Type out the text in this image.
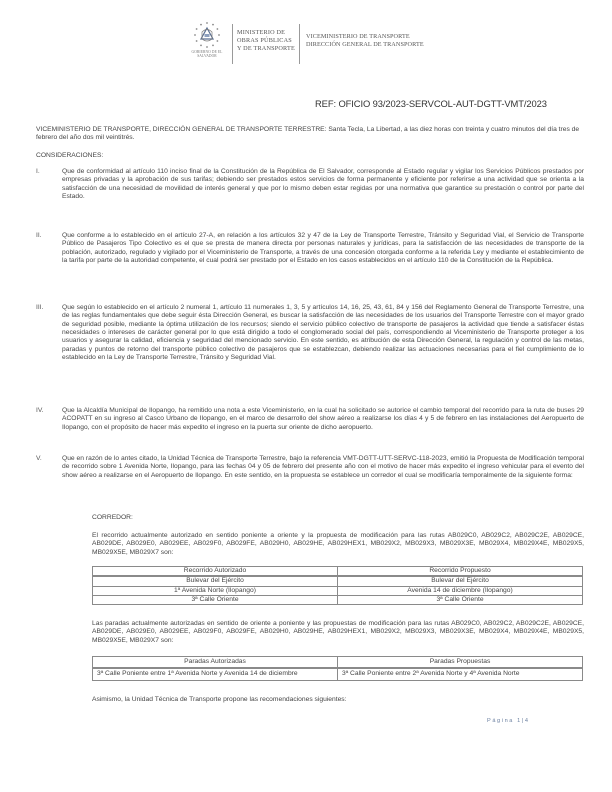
GOBIERNO DE EL SALVADOR
MINISTERIO DE
OBRAS PÚBLICAS
Y DE TRANSPORTE
VICEMINISTERIO DE TRANSPORTE
DIRECCIÓN GENERAL DE TRANSPORTE
REF: OFICIO 93/2023-SERVCOL-AUT-DGTT-VMT/2023
VICEMINISTERIO DE TRANSPORTE, DIRECCIÓN GENERAL DE TRANSPORTE TERRESTRE: Santa Tecla, La Libertad, a las diez horas con treinta y cuatro minutos del día tres de febrero del año dos mil veintitrés.
CONSIDERACIONES:
I.	Que de conformidad al artículo 110 inciso final de la Constitución de la República de El Salvador, corresponde al Estado regular y vigilar los Servicios Públicos prestados por empresas privadas y la aprobación de sus tarifas; debiendo ser prestados estos servicios de forma permanente y eficiente por referirse a una actividad que se orienta a la satisfacción de una necesidad de movilidad de interés general y que por lo mismo deben estar regidas por una normativa que garantice su prestación o control por parte del Estado.
II.	Que conforme a lo establecido en el artículo 27-A, en relación a los artículos 32 y 47 de la Ley de Transporte Terrestre, Tránsito y Seguridad Vial, el Servicio de Transporte Público de Pasajeros Tipo Colectivo es el que se presta de manera directa por personas naturales y jurídicas, para la satisfacción de las necesidades de transporte de la población, autorizado, regulado y vigilado por el Viceministerio de Transporte, a través de una concesión otorgada conforme a la referida Ley y mediante el establecimiento de la tarifa por parte de la autoridad competente, el cual podrá ser prestado por el Estado en los casos establecidos en el artículo 110 de la Constitución de la República.
III.	Que según lo establecido en el artículo 2 numeral 1, artículo 11 numerales 1, 3, 5 y artículos 14, 16, 25, 43, 61, 84 y 156 del Reglamento General de Transporte Terrestre, una de las reglas fundamentales que debe seguir ésta Dirección General, es buscar la satisfacción de las necesidades de los usuarios del Transporte Terrestre con el mayor grado de seguridad posible, mediante la óptima utilización de los recursos; siendo el servicio público colectivo de transporte de pasajeros la actividad que tiende a satisfacer éstas necesidades o intereses de carácter general por lo que está dirigido a todo el conglomerado social del país, correspondiendo al Viceministerio de Transporte proteger a los usuarios y asegurar la calidad, eficiencia y seguridad del mencionado servicio. En este sentido, es atribución de esta Dirección General, la regulación y control de las metas, paradas y puntos de retorno del transporte público colectivo de pasajeros que se establezcan, debiendo realizar las actuaciones necesarias para el fiel cumplimiento de lo establecido en la Ley de Transporte Terrestre, Tránsito y Seguridad Vial.
IV.	Que la Alcaldía Municipal de Ilopango, ha remitido una nota a este Viceministerio, en la cual ha solicitado se autorice el cambio temporal del recorrido para la ruta de buses 29 ACOPATT en su ingreso al Casco Urbano de Ilopango, en el marco de desarrollo del show aéreo a realizarse los días 4 y 5 de febrero en las instalaciones del Aeropuerto de Ilopango, con el propósito de hacer más expedito el ingreso en la puerta sur oriente de dicho aeropuerto.
V.	Que en razón de lo antes citado, la Unidad Técnica de Transporte Terrestre, bajo la referencia VMT-DGTT-UTT-SERVC-118-2023, emitió la Propuesta de Modificación temporal de recorrido sobre 1 Avenida Norte, Ilopango, para las fechas 04 y 05 de febrero del presente año con el motivo de hacer más expedito el ingreso vehicular para el evento del show aéreo a realizarse en el Aeropuerto de Ilopango. En este sentido, en la propuesta se establece un corredor el cual se modificaría temporalmente de la siguiente forma:
CORREDOR:
El recorrido actualmente autorizado en sentido poniente a oriente y la propuesta de modificación para las rutas AB029C0, AB029C2, AB029C2E, AB029CE, AB029DE, AB029E0, AB029EE, AB029F0, AB029FE, AB029H0, AB029HE, AB029HEX1, MB029X2, MB029X3, MB029X3E, MB029X4, MB029X4E, MB029X5, MB029X5E, MB029X7 son:
Recorrido Autorizado	Recorrido Propuesto
Bulevar del Ejército	Bulevar del Ejército
1ª Avenida Norte (Ilopango)	Avenida 14 de diciembre (Ilopango)
3ª Calle Oriente	3ª Calle Oriente
Las paradas actualmente autorizadas en sentido de oriente a poniente y las propuestas de modificación para las rutas AB029C0, AB029C2, AB029C2E, AB029CE, AB029DE, AB029E0, AB029EE, AB029F0, AB029FE, AB029H0, AB029HE, AB029HEX1, MB029X2, MB029X3, MB029X3E, MB029X4, MB029X4E, MB029X5, MB029X5E, MB029X7 son:
Paradas Autorizadas	Paradas Propuestas
3ª Calle Poniente entre 1ª Avenida Norte y Avenida 14 de diciembre	3ª Calle Poniente entre 2ª Avenida Norte y 4ª Avenida Norte
Asimismo, la Unidad Técnica de Transporte propone las recomendaciones siguientes:
Página 1|4
